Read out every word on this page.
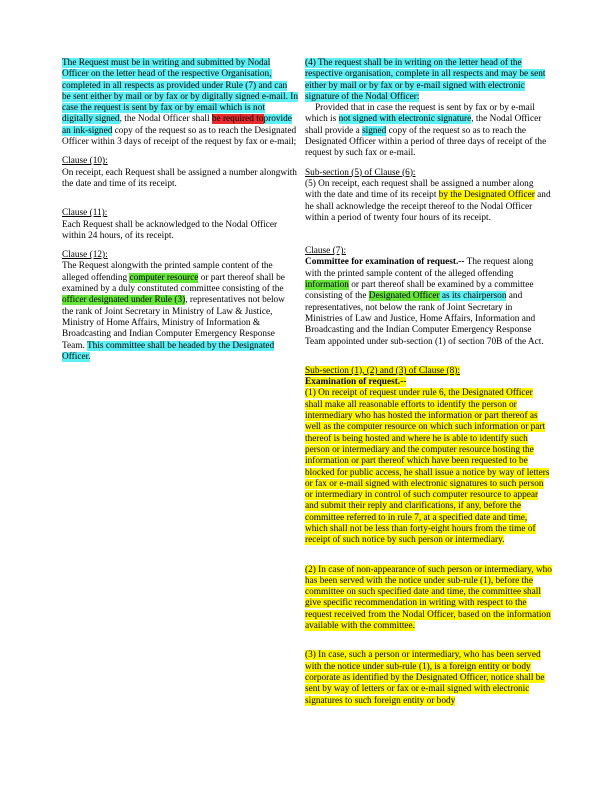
The Request must be in writing and submitted by Nodal Officer on the letter head of the respective Organisation, completed in all respects as provided under Rule (7) and can be sent either by mail or by fax or by digitally signed e-mail. In case the request is sent by fax or by email which is not digitally signed, the Nodal Officer shall be required toprovide an ink-signed copy of the request so as to reach the Designated Officer within 3 days of receipt of the request by fax or e-mail;
Clause (10):
On receipt, each Request shall be assigned a number alongwith the date and time of its receipt.
Clause (11):
Each Request shall be acknowledged to the Nodal Officer within 24 hours, of its receipt.
Clause (12):
The Request alongwith the printed sample content of the alleged offending computer resource or part thereof shall be examined by a duly constituted committee consisting of the officer designated under Rule (3), representatives not below the rank of Joint Secretary in Ministry of Law & Justice, Ministry of Home Affairs, Ministry of Information & Broadcasting and Indian Computer Emergency Response Team. This committee shall be headed by the Designated Officer.
(4) The request shall be in writing on the letter head of the respective organisation, complete in all respects and may be sent either by mail or by fax or by e-mail signed with electronic signature of the Nodal Officer:
Provided that in case the request is sent by fax or by e-mail which is not signed with electronic signature, the Nodal Officer shall provide a signed copy of the request so as to reach the Designated Officer within a period of three days of receipt of the request by such fax or e-mail.
Sub-section (5) of Clause (6):
(5) On receipt, each request shall be assigned a number along with the date and time of its receipt by the Designated Officer and he shall acknowledge the receipt thereof to the Nodal Officer within a period of twenty four hours of its receipt.
Clause (7):
Committee for examination of request.-- The request along with the printed sample content of the alleged offending information or part thereof shall be examined by a committee consisting of the Designated Officer as its chairperson and representatives, not below the rank of Joint Secretary in Ministries of Law and Justice, Home Affairs, Information and Broadcasting and the Indian Computer Emergency Response Team appointed under sub-section (1) of section 70B of the Act.
Sub-section (1), (2) and (3) of Clause (8):
Examination of request.--
(1) On receipt of request under rule 6, the Designated Officer shall make all reasonable efforts to identify the person or intermediary who has hosted the information or part thereof as well as the computer resource on which such information or part thereof is being hosted and where he is able to identify such person or intermediary and the computer resource hosting the information or part thereof which have been requested to be blocked for public access, he shall issue a notice by way of letters or fax or e-mail signed with electronic signatures to such person or intermediary in control of such computer resource to appear and submit their reply and clarifications, if any, before the committee referred to in rule 7, at a specified date and time, which shall not be less than forty-eight hours from the time of receipt of such notice by such person or intermediary.
(2) In case of non-appearance of such person or intermediary, who has been served with the notice under sub-rule (1), before the committee on such specified date and time, the committee shall give specific recommendation in writing with respect to the request received from the Nodal Officer, based on the information available with the committee.
(3) In case, such a person or intermediary, who has been served with the notice under sub-rule (1), is a foreign entity or body corporate as identified by the Designated Officer, notice shall be sent by way of letters or fax or e-mail signed with electronic signatures to such foreign entity or body
